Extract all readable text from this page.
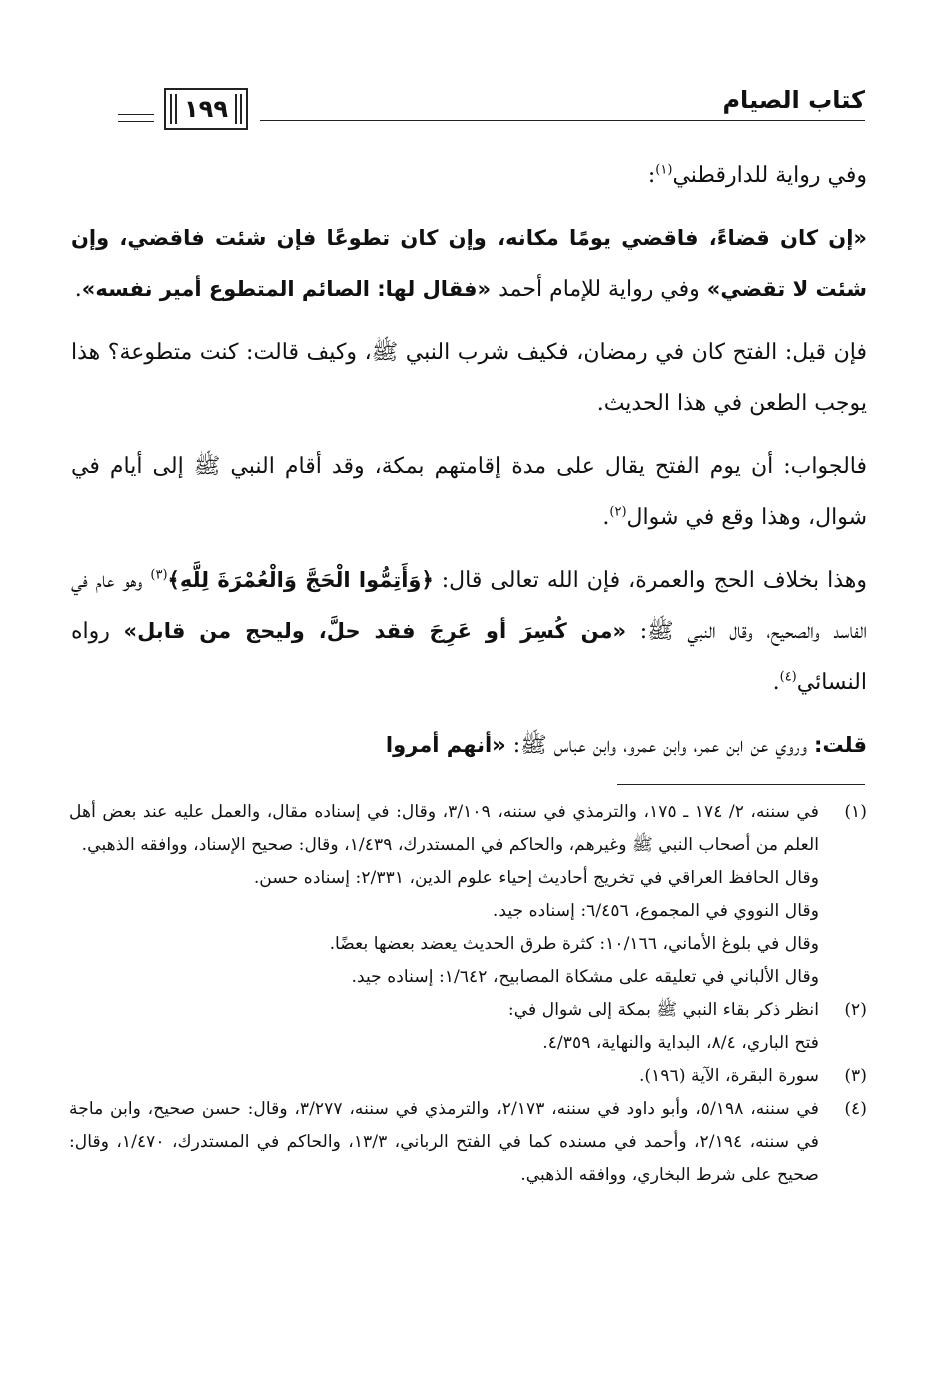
كتاب الصيام
١٩٩

وفي رواية للدارقطني$^{(١)}$:

«إن كان قضاءً، فاقضي يومًا مكانه، وإن كان تطوعًا فإن شئت فاقضي، وإن شئت لا تقضي» وفي رواية للإمام أحمد «فقال لها: الصائم المتطوع أمير نفسه».

فإن قيل: الفتح كان في رمضان، فكيف شرب النبي ﷺ، وكيف قالت: كنت متطوعة؟ هذا يوجب الطعن في هذا الحديث.

فالجواب: أن يوم الفتح يقال على مدة إقامتهم بمكة، وقد أقام النبي ﷺ إلى أيام في شوال، وهذا وقع في شوال$^{(٢)}$.

وهذا بخلاف الحج والعمرة، فإن الله تعالى قال: ﴿وَأَتِمُّوا الْحَجَّ وَالْعُمْرَةَ لِلَّهِ﴾$^{(٣)}$ وهو عام في الفاسد والصحيح، وقال النبي ﷺ: «من كُسِرَ أو عَرِجَ فقد حلَّ، وليحج من قابل» رواه النسائي$^{(٤)}$.

قلت: وروي عن ابن عمر، وابن عمرو، وابن عباس ﷺ: «أنهم أمروا

(١)
في سننه، ٢/ ١٧٤ ـ ١٧٥، والترمذي في سننه، ٣/١٠٩، وقال: في إسناده مقال، والعمل عليه عند بعض أهل العلم من أصحاب النبي ﷺ وغيرهم، والحاكم في المستدرك، ١/٤٣٩، وقال: صحيح الإسناد، ووافقه الذهبي.
وقال الحافظ العراقي في تخريج أحاديث إحياء علوم الدين، ٢/٣٣١: إسناده حسن.
وقال النووي في المجموع، ٦/٤٥٦: إسناده جيد.
وقال في بلوغ الأماني، ١٠/١٦٦: كثرة طرق الحديث يعضد بعضها بعضًا.
وقال الألباني في تعليقه على مشكاة المصابيح، ١/٦٤٢: إسناده جيد.
(٢)
انظر ذكر بقاء النبي ﷺ بمكة إلى شوال في:
فتح الباري، ٨/٤، البداية والنهاية، ٤/٣٥٩.
(٣)
سورة البقرة، الآية (١٩٦).
(٤)
في سننه، ٥/١٩٨، وأبو داود في سننه، ٢/١٧٣، والترمذي في سننه، ٣/٢٧٧، وقال: حسن صحيح، وابن ماجة في سننه، ٢/١٩٤، وأحمد في مسنده كما في الفتح الرباني، ١٣/٣، والحاكم في المستدرك، ١/٤٧٠، وقال: صحيح على شرط البخاري، ووافقه الذهبي.
